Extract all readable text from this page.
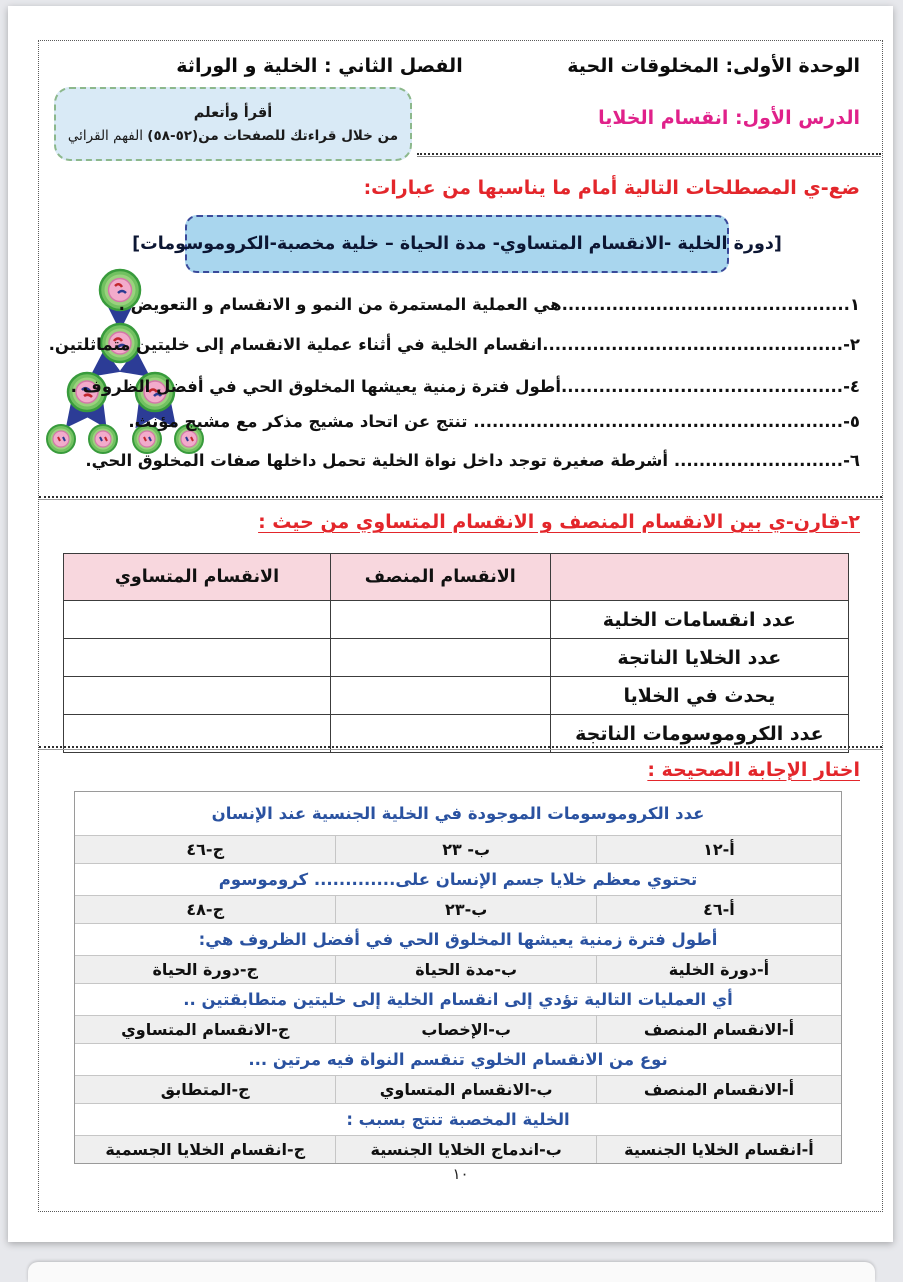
الوحدة الأولى: المخلوقات الحية
الفصل الثاني : الخلية و الوراثة
الدرس الأول: انقسام الخلايا
أقرأ وأتعلم
من خلال قراءتك للصفحات من(٥٢-٥٨) الفهم القرائي
ضع-ي المصطلحات التالية أمام ما يناسبها من عبارات:
[دورة الخلية -الانقسام المتساوي- مدة الحياة – خلية مخصبة-الكروموسومات]
١..............................................هي العملية المستمرة من النمو و الانقسام و التعويض .
٢-................................................انقسام الخلية في أثناء عملية الانقسام إلى خليتين متماثلتين.
٤-.............................................أطول فترة زمنية يعيشها المخلوق الحي في أفضل الظروف .
٥-........................................................... تنتج عن اتحاد مشيج مذكر مع مشيج مؤنث.
٦-........................... أشرطة صغيرة توجد داخل نواة الخلية تحمل داخلها صفات المخلوق الحي.
٢-قارن-ي بين الانقسام المنصف و الانقسام المتساوي من حيث :
	الانقسام المنصف	الانقسام المتساوي
عدد انقسامات الخلية		
عدد الخلايا الناتجة		
يحدث في الخلايا		
عدد الكروموسومات الناتجة		
اختار الإجابة الصحيحة :
عدد الكروموسومات الموجودة في الخلية الجنسية عند الإنسان
أ-١٢
ب- ٢٣
ج-٤٦
تحتوي معظم خلايا جسم الإنسان على............. كروموسوم
أ-٤٦
ب-٢٣
ج-٤٨
أطول فترة زمنية يعيشها المخلوق الحي في أفضل الظروف هي:
أ-دورة الخلية
ب-مدة الحياة
ج-دورة الحياة
أي العمليات التالية تؤدي إلى انقسام الخلية إلى خليتين متطابقتين ..
أ-الانقسام المنصف
ب-الإخصاب
ج-الانقسام المتساوي
نوع من الانقسام الخلوي تنقسم النواة فيه مرتين ...
أ-الانقسام المنصف
ب-الانقسام المتساوي
ج-المتطابق
الخلية المخصبة تنتج بسبب :
أ-انقسام الخلايا الجنسية
ب-اندماج الخلايا الجنسية
ج-انقسام الخلايا الجسمية
١٠
